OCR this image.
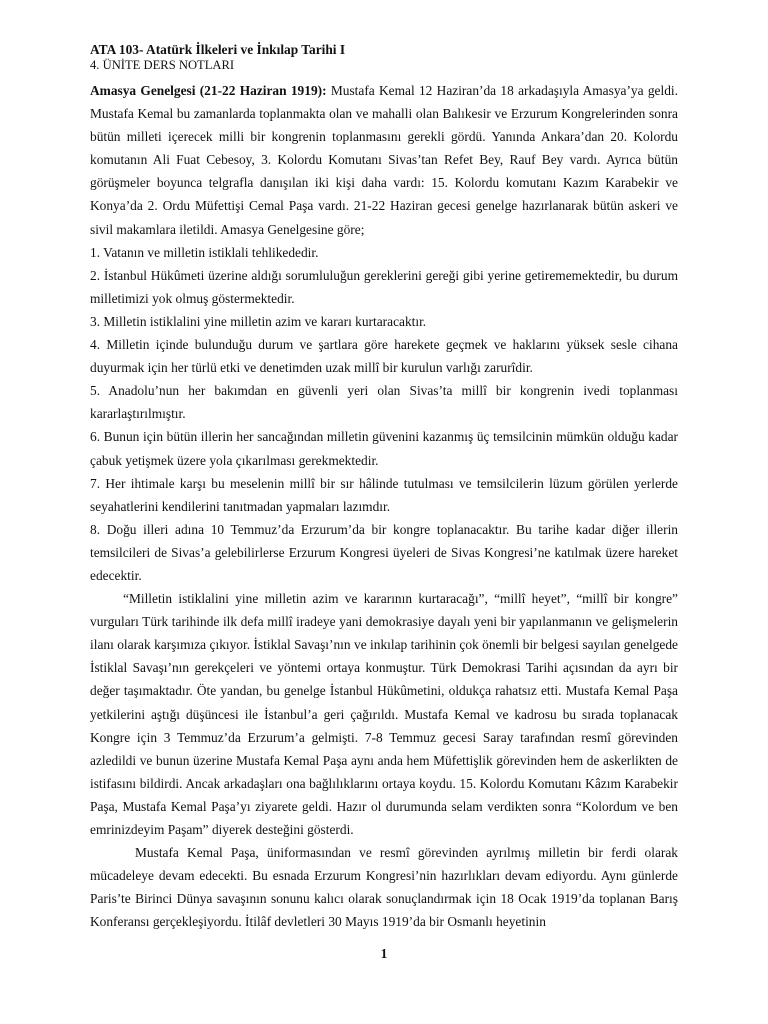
ATA 103- Atatürk İlkeleri ve İnkılap Tarihi I

4. ÜNİTE DERS NOTLARI

Amasya Genelgesi (21-22 Haziran 1919): Mustafa Kemal 12 Haziran’da 18 arkadaşıyla Amasya’ya geldi. Mustafa Kemal bu zamanlarda toplanmakta olan ve mahalli olan Balıkesir ve Erzurum Kongrelerinden sonra bütün milleti içerecek milli bir kongrenin toplanmasını gerekli gördü. Yanında Ankara’dan 20. Kolordu komutanın Ali Fuat Cebesoy, 3. Kolordu Komutanı Sivas’tan Refet Bey, Rauf Bey vardı. Ayrıca bütün görüşmeler boyunca telgrafla danışılan iki kişi daha vardı: 15. Kolordu komutanı Kazım Karabekir ve Konya’da 2. Ordu Müfettişi Cemal Paşa vardı. 21-22 Haziran gecesi genelge hazırlanarak bütün askeri ve sivil makamlara iletildi. Amasya Genelgesine göre;

1. Vatanın ve milletin istiklali tehlikededir.
2. İstanbul Hükûmeti üzerine aldığı sorumluluğun gereklerini gereği gibi yerine getirememektedir, bu durum milletimizi yok olmuş göstermektedir.
3. Milletin istiklalini yine milletin azim ve kararı kurtaracaktır.
4. Milletin içinde bulunduğu durum ve şartlara göre harekete geçmek ve haklarını yüksek sesle cihana duyurmak için her türlü etki ve denetimden uzak millî bir kurulun varlığı zarurîdir.
5. Anadolu’nun her bakımdan en güvenli yeri olan Sivas’ta millî bir kongrenin ivedi toplanması kararlaştırılmıştır.
6. Bunun için bütün illerin her sancağından milletin güvenini kazanmış üç temsilcinin mümkün olduğu kadar çabuk yetişmek üzere yola çıkarılması gerekmektedir.
7. Her ihtimale karşı bu meselenin millî bir sır hâlinde tutulması ve temsilcilerin lüzum görülen yerlerde seyahatlerini kendilerini tanıtmadan yapmaları lazımdır.
8. Doğu illeri adına 10 Temmuz’da Erzurum’da bir kongre toplanacaktır. Bu tarihe kadar diğer illerin temsilcileri de Sivas’a gelebilirlerse Erzurum Kongresi üyeleri de Sivas Kongresi’ne katılmak üzere hareket edecektir.

“Milletin istiklalini yine milletin azim ve kararının kurtaracağı”, “millî heyet”, “millî bir kongre” vurguları Türk tarihinde ilk defa millî iradeye yani demokrasiye dayalı yeni bir yapılanmanın ve gelişmelerin ilanı olarak karşımıza çıkıyor. İstiklal Savaşı’nın ve inkılap tarihinin çok önemli bir belgesi sayılan genelgede İstiklal Savaşı’nın gerekçeleri ve yöntemi ortaya konmuştur. Türk Demokrasi Tarihi açısından da ayrı bir değer taşımaktadır. Öte yandan, bu genelge İstanbul Hükûmetini, oldukça rahatsız etti. Mustafa Kemal Paşa yetkilerini aştığı düşüncesi ile İstanbul’a geri çağırıldı. Mustafa Kemal ve kadrosu bu sırada toplanacak Kongre için 3 Temmuz’da Erzurum’a gelmişti. 7-8 Temmuz gecesi Saray tarafından resmî görevinden azledildi ve bunun üzerine Mustafa Kemal Paşa aynı anda hem Müfettişlik görevinden hem de askerlikten de istifasını bildirdi. Ancak arkadaşları ona bağlılıklarını ortaya koydu. 15. Kolordu Komutanı Kâzım Karabekir Paşa, Mustafa Kemal Paşa’yı ziyarete geldi. Hazır ol durumunda selam verdikten sonra “Kolordum ve ben emrinizdeyim Paşam” diyerek desteğini gösterdi.

Mustafa Kemal Paşa, üniformasından ve resmî görevinden ayrılmış milletin bir ferdi olarak mücadeleye devam edecekti. Bu esnada Erzurum Kongresi’nin hazırlıkları devam ediyordu. Aynı günlerde Paris’te Birinci Dünya savaşının sonunu kalıcı olarak sonuçlandırmak için 18 Ocak 1919’da toplanan Barış Konferansı gerçekleşiyordu. İtilâf devletleri 30 Mayıs 1919’da bir Osmanlı heyetinin

1
